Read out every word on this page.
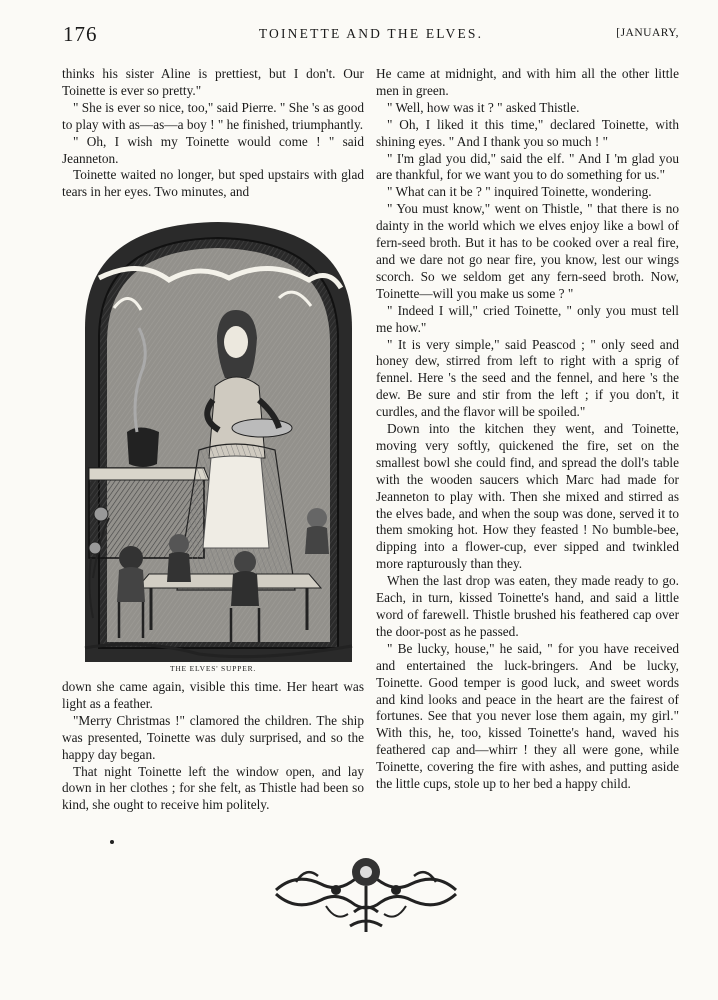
176	TOINETTE AND THE ELVES.	[JANUARY,

thinks his sister Aline is prettiest, but I don't. Our Toinette is ever so pretty."

" She is ever so nice, too," said Pierre. " She 's as good to play with as—as—a boy ! " he finished, triumphantly.

" Oh, I wish my Toinette would come ! " said Jeanneton.

Toinette waited no longer, but sped upstairs with glad tears in her eyes. Two minutes, and

THE ELVES' SUPPER.

down she came again, visible this time. Her heart was light as a feather.

"Merry Christmas !" clamored the children. The ship was presented, Toinette was duly surprised, and so the happy day began.

That night Toinette left the window open, and lay down in her clothes ; for she felt, as Thistle had been so kind, she ought to receive him politely.

He came at midnight, and with him all the other little men in green.

" Well, how was it ? " asked Thistle.

" Oh, I liked it this time," declared Toinette, with shining eyes. " And I thank you so much ! "

" I'm glad you did," said the elf. " And I 'm glad you are thankful, for we want you to do something for us."

" What can it be ? " inquired Toinette, wondering.

" You must know," went on Thistle, " that there is no dainty in the world which we elves enjoy like a bowl of fern-seed broth. But it has to be cooked over a real fire, and we dare not go near fire, you know, lest our wings scorch. So we seldom get any fern-seed broth. Now, Toinette—will you make us some ? "

" Indeed I will," cried Toinette, " only you must tell me how."

" It is very simple," said Peascod ; " only seed and honey dew, stirred from left to right with a sprig of fennel. Here 's the seed and the fennel, and here 's the dew. Be sure and stir from the left ; if you don't, it curdles, and the flavor will be spoiled."

Down into the kitchen they went, and Toinette, moving very softly, quickened the fire, set on the smallest bowl she could find, and spread the doll's table with the wooden saucers which Marc had made for Jeanneton to play with. Then she mixed and stirred as the elves bade, and when the soup was done, served it to them smoking hot. How they feasted ! No bumble-bee, dipping into a flower-cup, ever sipped and twinkled more rapturously than they.

When the last drop was eaten, they made ready to go. Each, in turn, kissed Toinette's hand, and said a little word of farewell. Thistle brushed his feathered cap over the door-post as he passed.

" Be lucky, house," he said, " for you have received and entertained the luck-bringers. And be lucky, Toinette. Good temper is good luck, and sweet words and kind looks and peace in the heart are the fairest of fortunes. See that you never lose them again, my girl." With this, he, too, kissed Toinette's hand, waved his feathered cap and—whirr ! they all were gone, while Toinette, covering the fire with ashes, and putting aside the little cups, stole up to her bed a happy child.
